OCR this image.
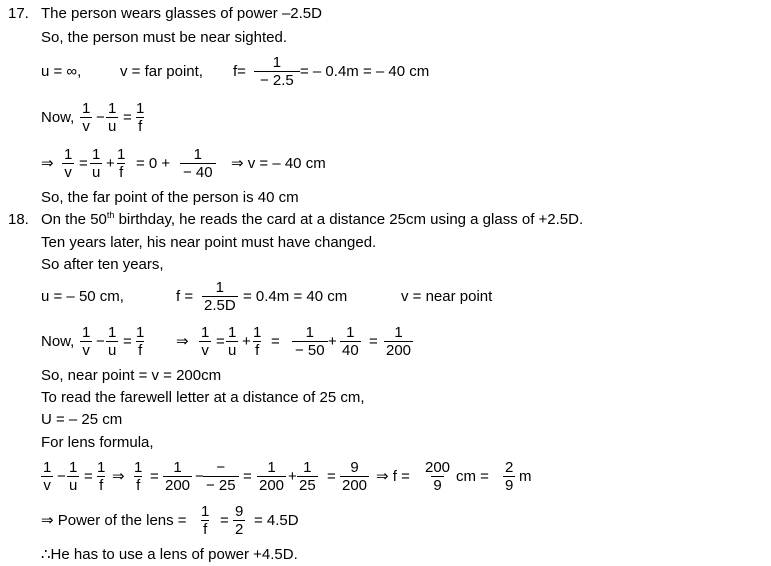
17. The person wears glasses of power –2.5D
So, the person must be near sighted.
u = ∞,	v = far point, $f= \frac{1}{- 2.5}$ = – 0.4m = – 40 cm
Now, $\frac{1}{v} - \frac{1}{u} = \frac{1}{f}$
⇒ $\frac{1}{v} = \frac{1}{u} + \frac{1}{f} = 0 + \frac{1}{- 40}$ ⇒ v = – 40 cm
So, the far point of the person is 40 cm
18. On the 50th birthday, he reads the card at a distance 25cm using a glass of +2.5D.
Ten years later, his near point must have changed.
So after ten years,
u = – 50 cm,	$f = \frac{1}{2.5D} = 0.4m = 40$ cm	v = near point
Now, $\frac{1}{v} - \frac{1}{u} = \frac{1}{f}$ ⇒ $\frac{1}{v} = \frac{1}{u} + \frac{1}{f} = \frac{1}{- 50} + \frac{1}{40} = \frac{1}{200}$
So, near point = v = 200cm
To read the farewell letter at a distance of 25 cm,
U = – 25 cm
For lens formula,
$\frac{1}{v} - \frac{1}{u} = \frac{1}{f}$ ⇒ $\frac{1}{f} = \frac{1}{200}$ −
−
− 25
= $\frac{1}{200} + \frac{1}{25} = \frac{9}{200}$ ⇒ $f = \frac{200}{9}$ cm = $\frac{2}{9}$ m
⇒ Power of the lens = $\frac{1}{f} = \frac{9}{2} = 4.5D$
∴He has to use a lens of power +4.5D.
